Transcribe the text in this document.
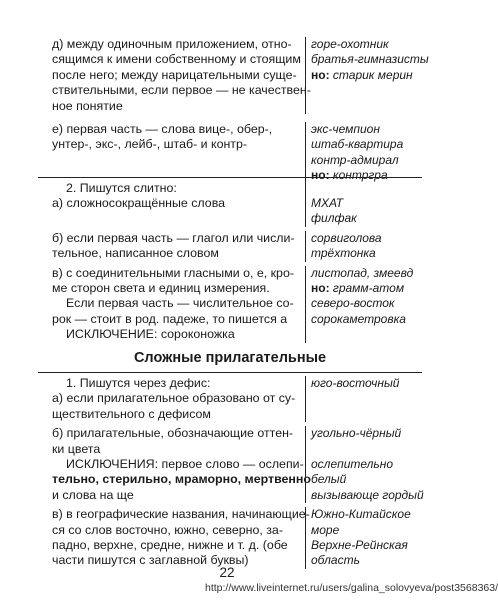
д) между одиночным приложением, отно-
сящимся к имени собственному и стоящим
после него; между нарицательными суще-
ствительными, если первое — не качествен-
ное понятие
горе-охотник
братья-гимназисты
но: старик мерин
е) первая часть — слова вице-, обер-,
унтер-, экс-, лейб-, штаб- и контр-
экс-чемпион
штаб-квартира
контр-адмирал
но: контргра
2. Пишутся слитно:
а) сложносокращённые слова	МХАТ
филфак
б) если первая часть — глагол или числи-
тельное, написанное словом
сорвиголова
трёхтонка
в) с соединительными гласными о, е, кро-
ме сторон света и единиц измерения.
листопад, змеевд
но: грамм-атом
Если первая часть — числительное со-
рок — стоит в род. падеже, то пишется а
ИСКЛЮЧЕНИЕ: сороконожка
северо-восток
сорокаметровка
Сложные прилагательные
1. Пишутся через дефис:
а) если прилагательное образовано от су-
ществительного с дефисом
юго-восточный
б) прилагательные, обозначающие оттен-
ки цвета
угольно-чёрный
ИСКЛЮЧЕНИЯ: первое слово — ослепи-
тельно, стерильно, мраморно, мертвенно
и слова на ще
ослепительно
белый
вызывающе гордый
в) в географические названия, начинающие-
ся со слов восточно, южно, северно, за-
падно, верхне, средне, нижне и т. д. (обе
части пишутся с заглавной буквы)
Южно-Китайское
море
Верхне-Рейнская
область
22
http://www.liveinternet.ru/users/galina_solovyeva/post3568363/
